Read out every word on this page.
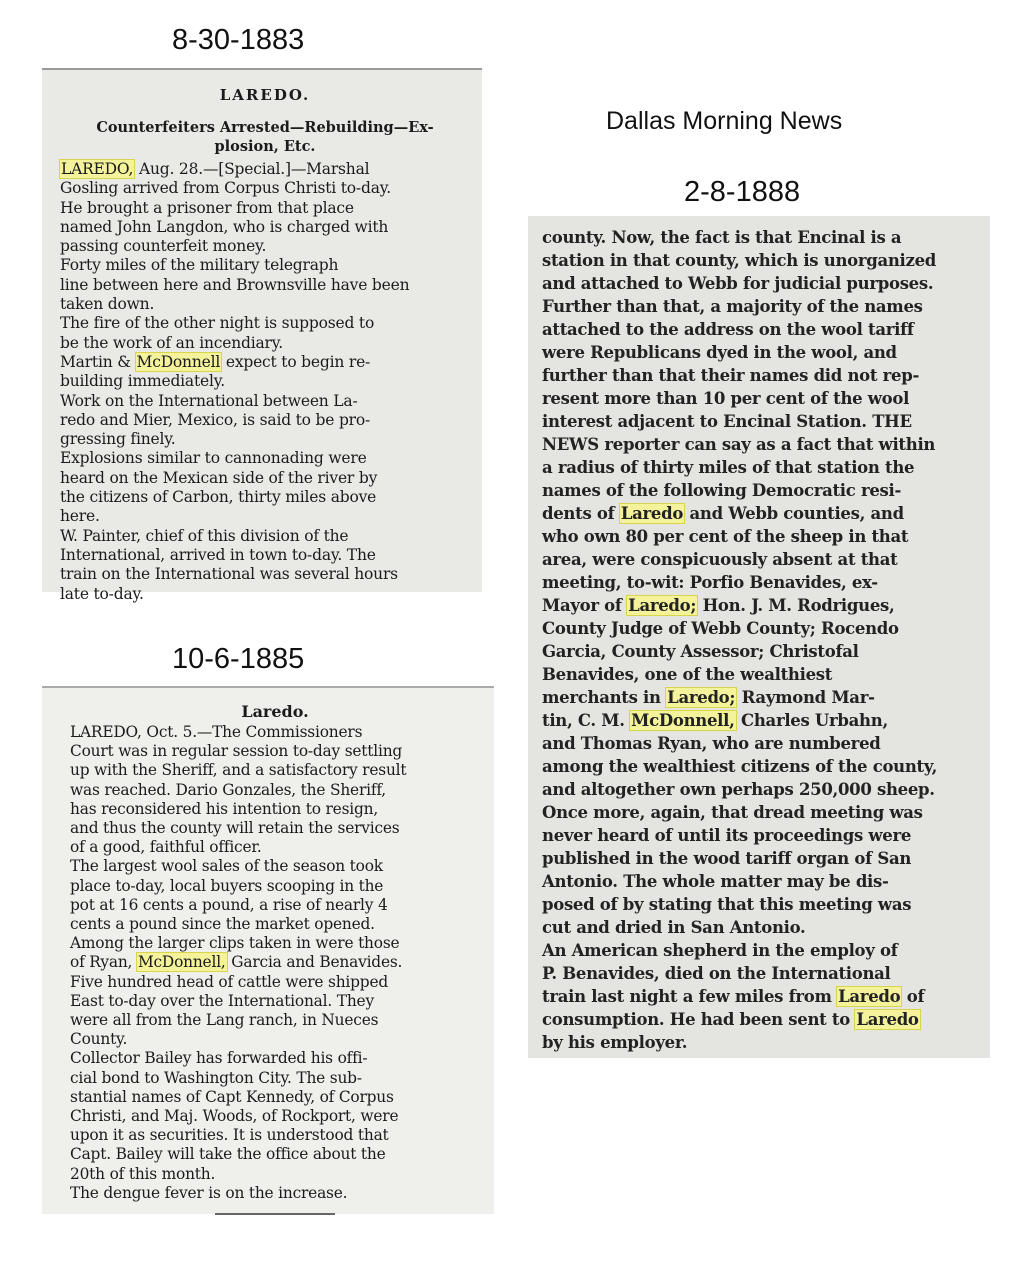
8-30-1883
Dallas Morning News
2-8-1888
10-6-1885
LAREDO.
Counterfeiters Arrested—Rebuilding—Ex-
plosion, Etc.
LAREDO, Aug. 28.—[Special.]—Marshal
Gosling arrived from Corpus Christi to-day.
He brought a prisoner from that place
named John Langdon, who is charged with
passing counterfeit money.
Forty miles of the military telegraph
line between here and Brownsville have been
taken down.
The fire of the other night is supposed to
be the work of an incendiary.
Martin & McDonnell expect to begin re-
building immediately.
Work on the International between La-
redo and Mier, Mexico, is said to be pro-
gressing finely.
Explosions similar to cannonading were
heard on the Mexican side of the river by
the citizens of Carbon, thirty miles above
here.
W. Painter, chief of this division of the
International, arrived in town to-day. The
train on the International was several hours
late to-day.
county. Now, the fact is that Encinal is a
station in that county, which is unorganized
and attached to Webb for judicial purposes.
Further than that, a majority of the names
attached to the address on the wool tariff
were Republicans dyed in the wool, and
further than that their names did not rep-
resent more than 10 per cent of the wool
interest adjacent to Encinal Station. THE
NEWS reporter can say as a fact that within
a radius of thirty miles of that station the
names of the following Democratic resi-
dents of Laredo and Webb counties, and
who own 80 per cent of the sheep in that
area, were conspicuously absent at that
meeting, to-wit: Porfio Benavides, ex-
Mayor of Laredo; Hon. J. M. Rodrigues,
County Judge of Webb County; Rocendo
Garcia, County Assessor; Christofal
Benavides, one of the wealthiest
merchants in Laredo; Raymond Mar-
tin, C. M. McDonnell, Charles Urbahn,
and Thomas Ryan, who are numbered
among the wealthiest citizens of the county,
and altogether own perhaps 250,000 sheep.
Once more, again, that dread meeting was
never heard of until its proceedings were
published in the wood tariff organ of San
Antonio. The whole matter may be dis-
posed of by stating that this meeting was
cut and dried in San Antonio.
An American shepherd in the employ of
P. Benavides, died on the International
train last night a few miles from Laredo of
consumption. He had been sent to Laredo
by his employer.
Laredo.
LAREDO, Oct. 5.—The Commissioners
Court was in regular session to-day settling
up with the Sheriff, and a satisfactory result
was reached. Dario Gonzales, the Sheriff,
has reconsidered his intention to resign,
and thus the county will retain the services
of a good, faithful officer.
The largest wool sales of the season took
place to-day, local buyers scooping in the
pot at 16 cents a pound, a rise of nearly 4
cents a pound since the market opened.
Among the larger clips taken in were those
of Ryan, McDonnell, Garcia and Benavides.
Five hundred head of cattle were shipped
East to-day over the International. They
were all from the Lang ranch, in Nueces
County.
Collector Bailey has forwarded his offi-
cial bond to Washington City. The sub-
stantial names of Capt Kennedy, of Corpus
Christi, and Maj. Woods, of Rockport, were
upon it as securities. It is understood that
Capt. Bailey will take the office about the
20th of this month.
The dengue fever is on the increase.
